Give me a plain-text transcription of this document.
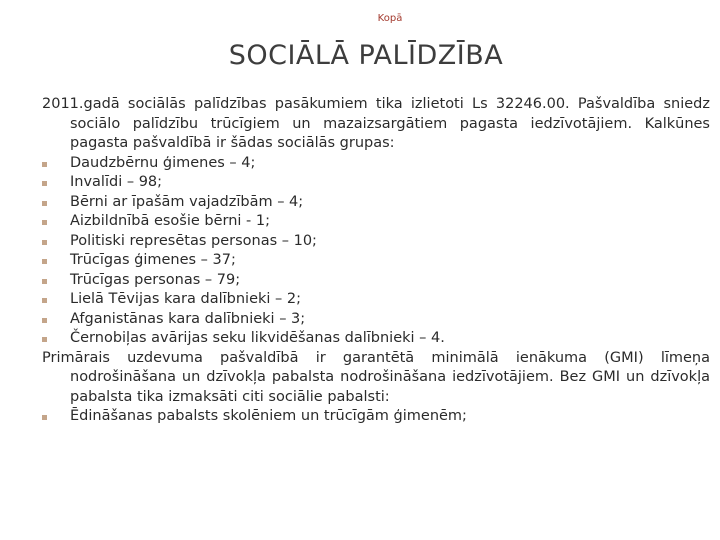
Kopā
SOCIĀLĀ PALĪDZĪBA

2011.gadā sociālās palīdzības pasākumiem tika izlietoti Ls 32246.00. Pašvaldība sniedz sociālo palīdzību trūcīgiem un mazaizsargātiem pagasta iedzīvotājiem. Kalkūnes pagasta pašvaldībā ir šādas sociālās grupas:

Daudzbērnu ģimenes – 4;
Invalīdi – 98;
Bērni ar īpašām vajadzībām – 4;
Aizbildnībā esošie bērni - 1;
Politiski represētas personas – 10;
Trūcīgas ģimenes – 37;
Trūcīgas personas – 79;
Lielā Tēvijas kara dalībnieki – 2;
Afganistānas kara dalībnieki – 3;
Černobiļas avārijas seku likvidēšanas dalībnieki – 4.

Primārais uzdevuma pašvaldībā ir garantētā minimālā ienākuma (GMI) līmeņa nodrošināšana un dzīvokļa pabalsta nodrošināšana iedzīvotājiem. Bez GMI un dzīvokļa pabalsta tika izmaksāti citi sociālie pabalsti:

Ēdināšanas pabalsts skolēniem un trūcīgām ģimenēm;
